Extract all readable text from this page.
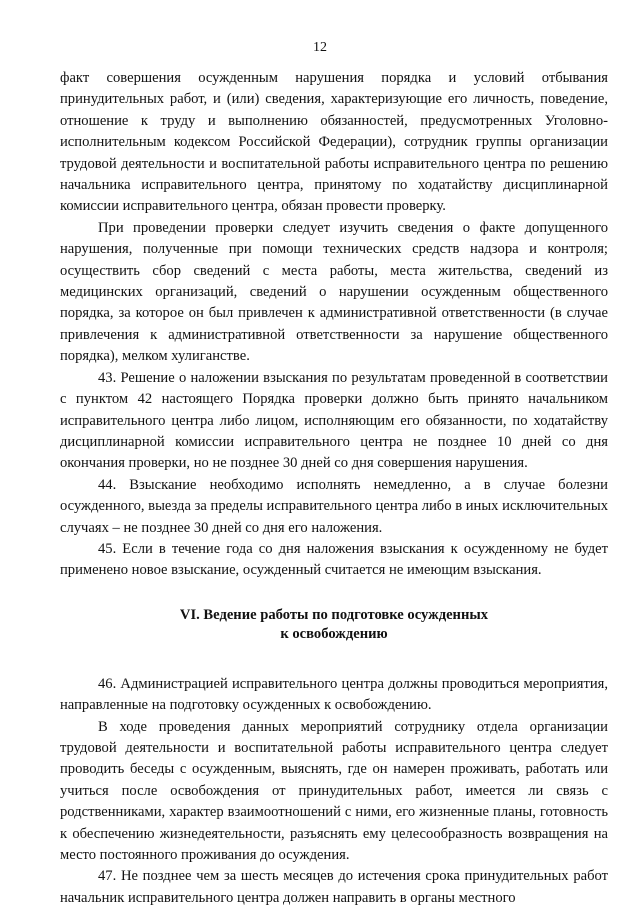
12

факт совершения осужденным нарушения порядка и условий отбывания принудительных работ, и (или) сведения, характеризующие его личность, поведение, отношение к труду и выполнению обязанностей, предусмотренных Уголовно-исполнительным кодексом Российской Федерации), сотрудник группы организации трудовой деятельности и воспитательной работы исправительного центра по решению начальника исправительного центра, принятому по ходатайству дисциплинарной комиссии исправительного центра, обязан провести проверку.

При проведении проверки следует изучить сведения о факте допущенного нарушения, полученные при помощи технических средств надзора и контроля; осуществить сбор сведений с места работы, места жительства, сведений из медицинских организаций, сведений о нарушении осужденным общественного порядка, за которое он был привлечен к административной ответственности (в случае привлечения к административной ответственности за нарушение общественного порядка), мелком хулиганстве.

43. Решение о наложении взыскания по результатам проведенной в соответствии с пунктом 42 настоящего Порядка проверки должно быть принято начальником исправительного центра либо лицом, исполняющим его обязанности, по ходатайству дисциплинарной комиссии исправительного центра не позднее 10 дней со дня окончания проверки, но не позднее 30 дней со дня совершения нарушения.

44. Взыскание необходимо исполнять немедленно, а в случае болезни осужденного, выезда за пределы исправительного центра либо в иных исключительных случаях – не позднее 30 дней со дня его наложения.

45. Если в течение года со дня наложения взыскания к осужденному не будет применено новое взыскание, осужденный считается не имеющим взыскания.

VI. Ведение работы по подготовке осужденных

к освобождению

46. Администрацией исправительного центра должны проводиться мероприятия, направленные на подготовку осужденных к освобождению.

В ходе проведения данных мероприятий сотруднику отдела организации трудовой деятельности и воспитательной работы исправительного центра следует проводить беседы с осужденным, выяснять, где он намерен проживать, работать или учиться после освобождения от принудительных работ, имеется ли связь с родственниками, характер взаимоотношений с ними, его жизненные планы, готовность к обеспечению жизнедеятельности, разъяснять ему целесообразность возвращения на место постоянного проживания до осуждения.

47. Не позднее чем за шесть месяцев до истечения срока принудительных работ начальник исправительного центра должен направить в органы местного
